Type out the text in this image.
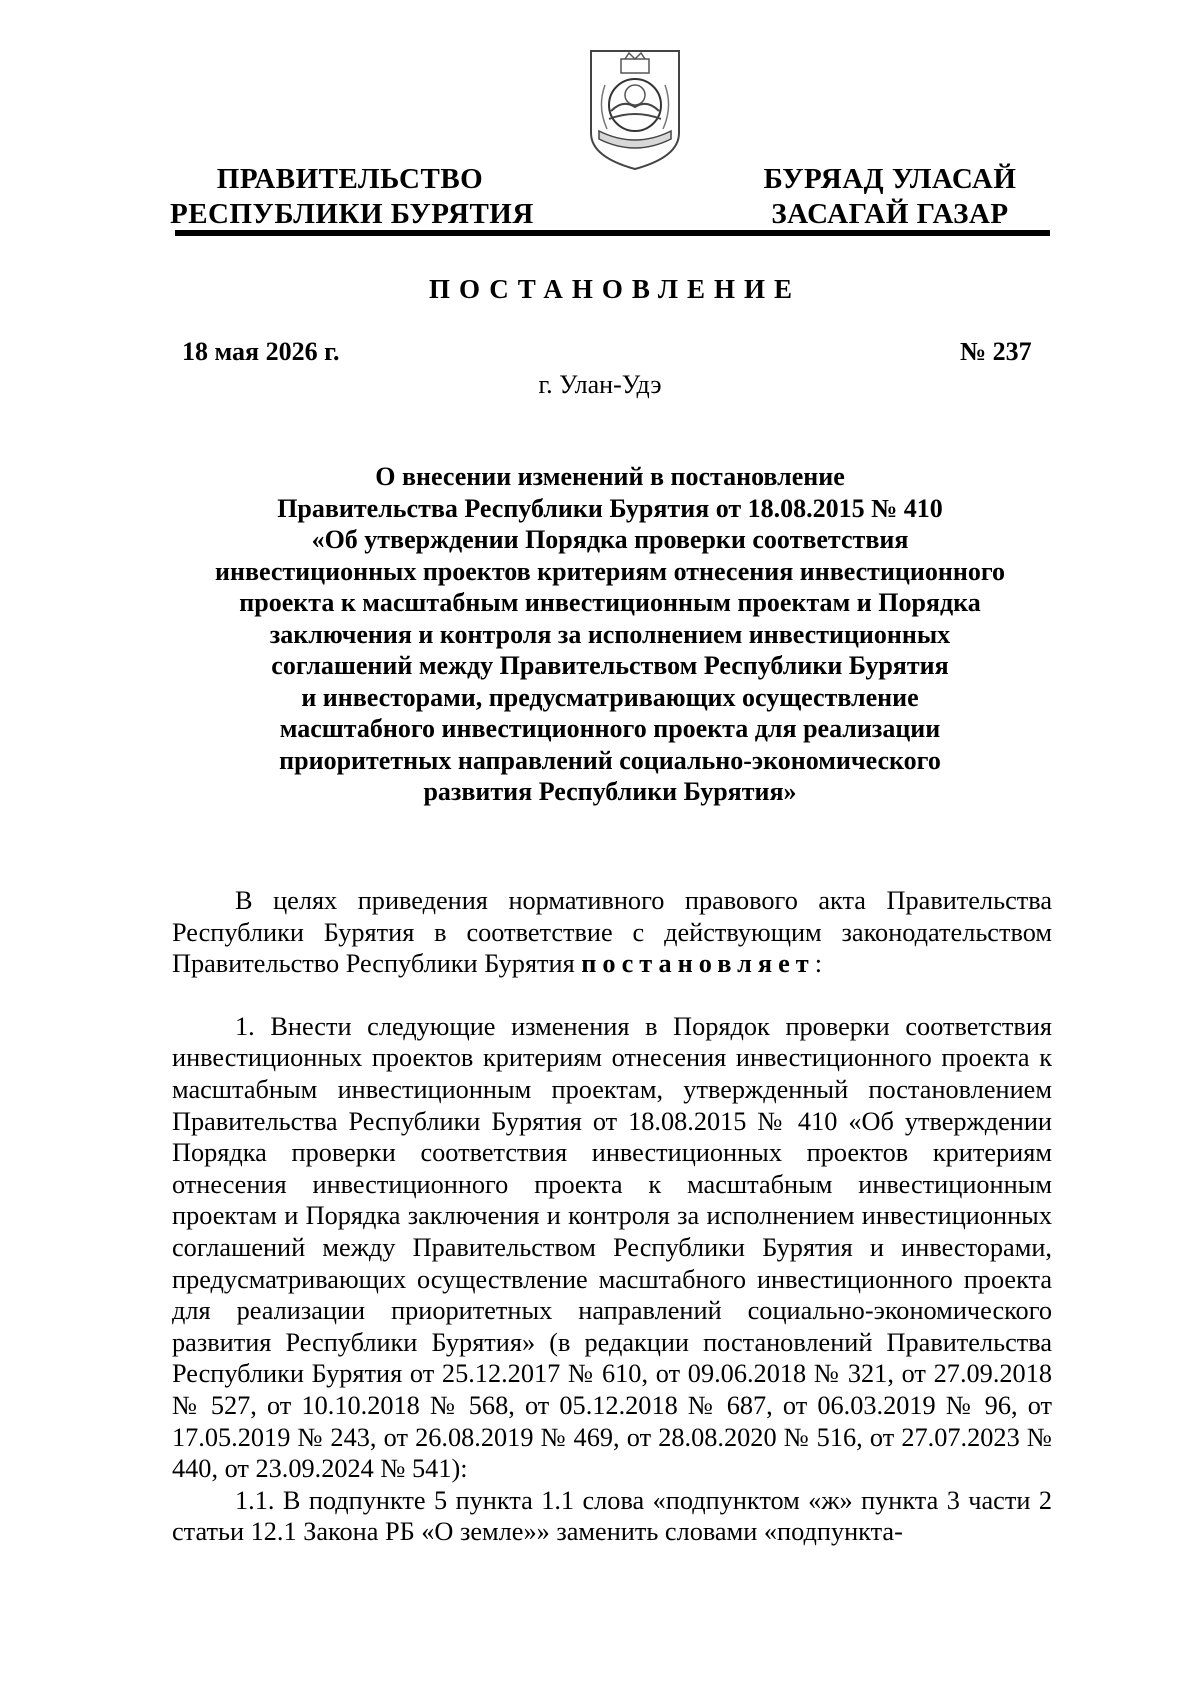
ПРАВИТЕЛЬСТВО
РЕСПУБЛИКИ БУРЯТИЯ
БУРЯАД УЛАСАЙ
ЗАСАГАЙ ГАЗАР
ПОСТАНОВЛЕНИЕ
18 мая 2026 г.	№ 237
г. Улан-Удэ
О внесении изменений в постановление
Правительства Республики Бурятия от 18.08.2015 № 410
«Об утверждении Порядка проверки соответствия
инвестиционных проектов критериям отнесения инвестиционного
проекта к масштабным инвестиционным проектам и Порядка
заключения и контроля за исполнением инвестиционных
соглашений между Правительством Республики Бурятия
и инвесторами, предусматривающих осуществление
масштабного инвестиционного проекта для реализации
приоритетных направлений социально-экономического
развития Республики Бурятия»

В целях приведения нормативного правового акта Правительства Республики Бурятия в соответствие с действующим законодательством Правительство Республики Бурятия постановляет:

1. Внести следующие изменения в Порядок проверки соответствия инвестиционных проектов критериям отнесения инвестиционного проекта к масштабным инвестиционным проектам, утвержденный постановлением Правительства Республики Бурятия от 18.08.2015 № 410 «Об утверждении Порядка проверки соответствия инвестиционных проектов критериям отнесения инвестиционного проекта к масштабным инвестиционным проектам и Порядка заключения и контроля за исполнением инвестиционных соглашений между Правительством Республики Бурятия и инвесторами, предусматривающих осуществление масштабного инвестиционного проекта для реализации приоритетных направлений социально-экономического развития Республики Бурятия» (в редакции постановлений Правительства Республики Бурятия от 25.12.2017 № 610, от 09.06.2018 № 321, от 27.09.2018 № 527, от 10.10.2018 № 568, от 05.12.2018 № 687, от 06.03.2019 № 96, от 17.05.2019 № 243, от 26.08.2019 № 469, от 28.08.2020 № 516, от 27.07.2023 № 440, от 23.09.2024 № 541):

1.1. В подпункте 5 пункта 1.1 слова «подпунктом «ж» пункта 3 части 2 статьи 12.1 Закона РБ «О земле»» заменить словами «подпункта-
